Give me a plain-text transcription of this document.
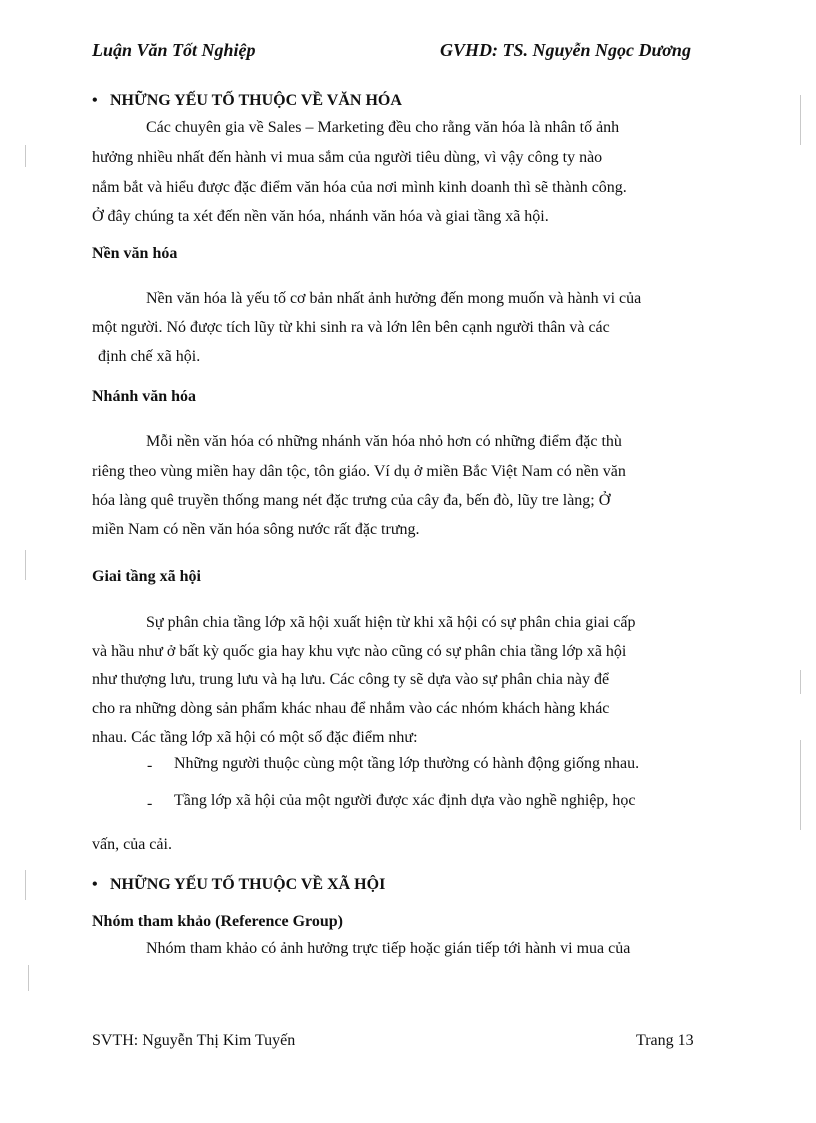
Luận Văn Tốt Nghiệp	GVHD: TS. Nguyễn Ngọc Dương
• NHỮNG YẾU TỐ THUỘC VỀ VĂN HÓA
Các chuyên gia về Sales – Marketing đều cho rằng văn hóa là nhân tố ảnh
hưởng nhiều nhất đến hành vi mua sắm của người tiêu dùng, vì vậy công ty nào
nắm bắt và hiểu được đặc điểm văn hóa của nơi mình kinh doanh thì sẽ thành công.
Ở đây chúng ta xét đến nền văn hóa, nhánh văn hóa và giai tầng xã hội.
Nền văn hóa
Nền văn hóa là yếu tố cơ bản nhất ảnh hưởng đến mong muốn và hành vi của
một người. Nó được tích lũy từ khi sinh ra và lớn lên bên cạnh người thân và các
định chế xã hội.
Nhánh văn hóa
Mỗi nền văn hóa có những nhánh văn hóa nhỏ hơn có những điểm đặc thù
riêng theo vùng miền hay dân tộc, tôn giáo. Ví dụ ở miền Bắc Việt Nam có nền văn
hóa làng quê truyền thống mang nét đặc trưng của cây đa, bến đò, lũy tre làng; Ở
miền Nam có nền văn hóa sông nước rất đặc trưng.
Giai tầng xã hội
Sự phân chia tầng lớp xã hội xuất hiện từ khi xã hội có sự phân chia giai cấp
và hầu như ở bất kỳ quốc gia hay khu vực nào cũng có sự phân chia tầng lớp xã hội
như thượng lưu, trung lưu và hạ lưu. Các công ty sẽ dựa vào sự phân chia này để
cho ra những dòng sản phẩm khác nhau để nhắm vào các nhóm khách hàng khác
nhau. Các tầng lớp xã hội có một số đặc điểm như:
- Những người thuộc cùng một tầng lớp thường có hành động giống nhau.
- Tầng lớp xã hội của một người được xác định dựa vào nghề nghiệp, học
vấn, của cải.
• NHỮNG YẾU TỐ THUỘC VỀ XÃ HỘI
Nhóm tham khảo (Reference Group)
Nhóm tham khảo có ảnh hưởng trực tiếp hoặc gián tiếp tới hành vi mua của
SVTH: Nguyễn Thị Kim Tuyến	Trang 13
